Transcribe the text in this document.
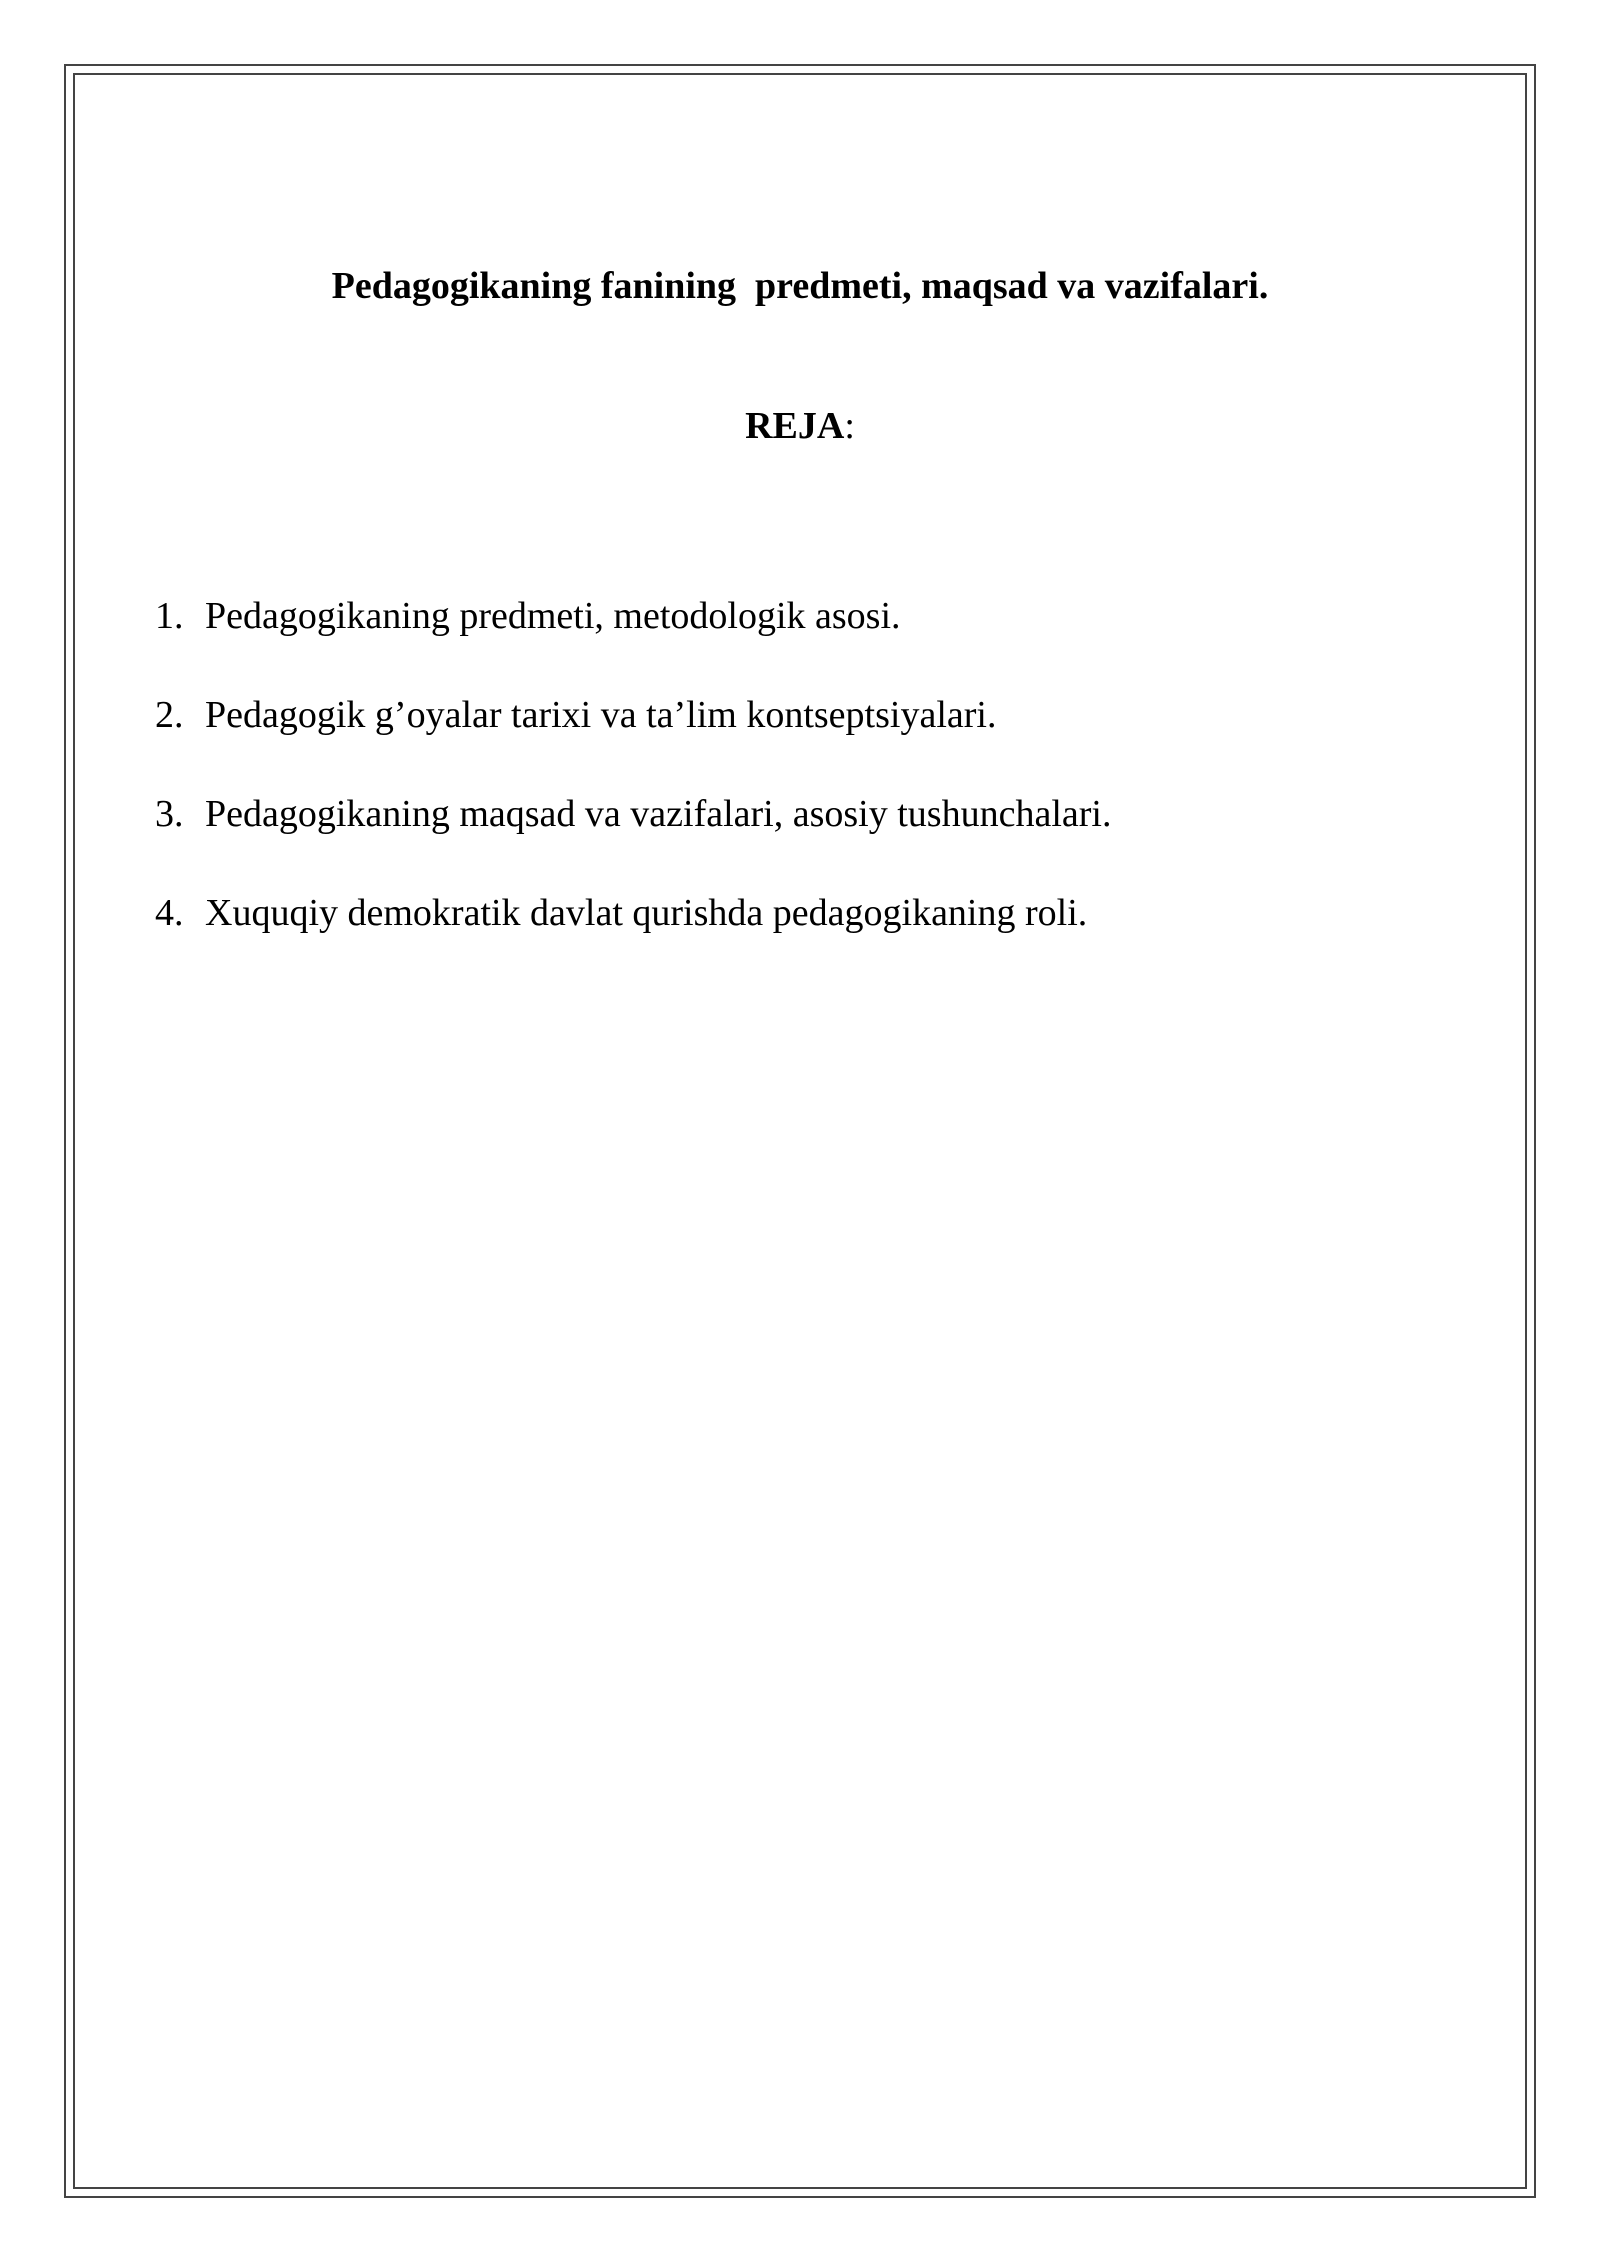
Pedagogikaning fanining  predmeti, maqsad va vazifalari.
REJA:
1. Pedagogikaning predmeti, metodologik asosi.
2. Pedagogik g’oyalar tarixi va ta’lim kontseptsiyalari.
3. Pedagogikaning maqsad va vazifalari, asosiy tushunchalari.
4. Xuquqiy demokratik davlat qurishda pedagogikaning roli.
